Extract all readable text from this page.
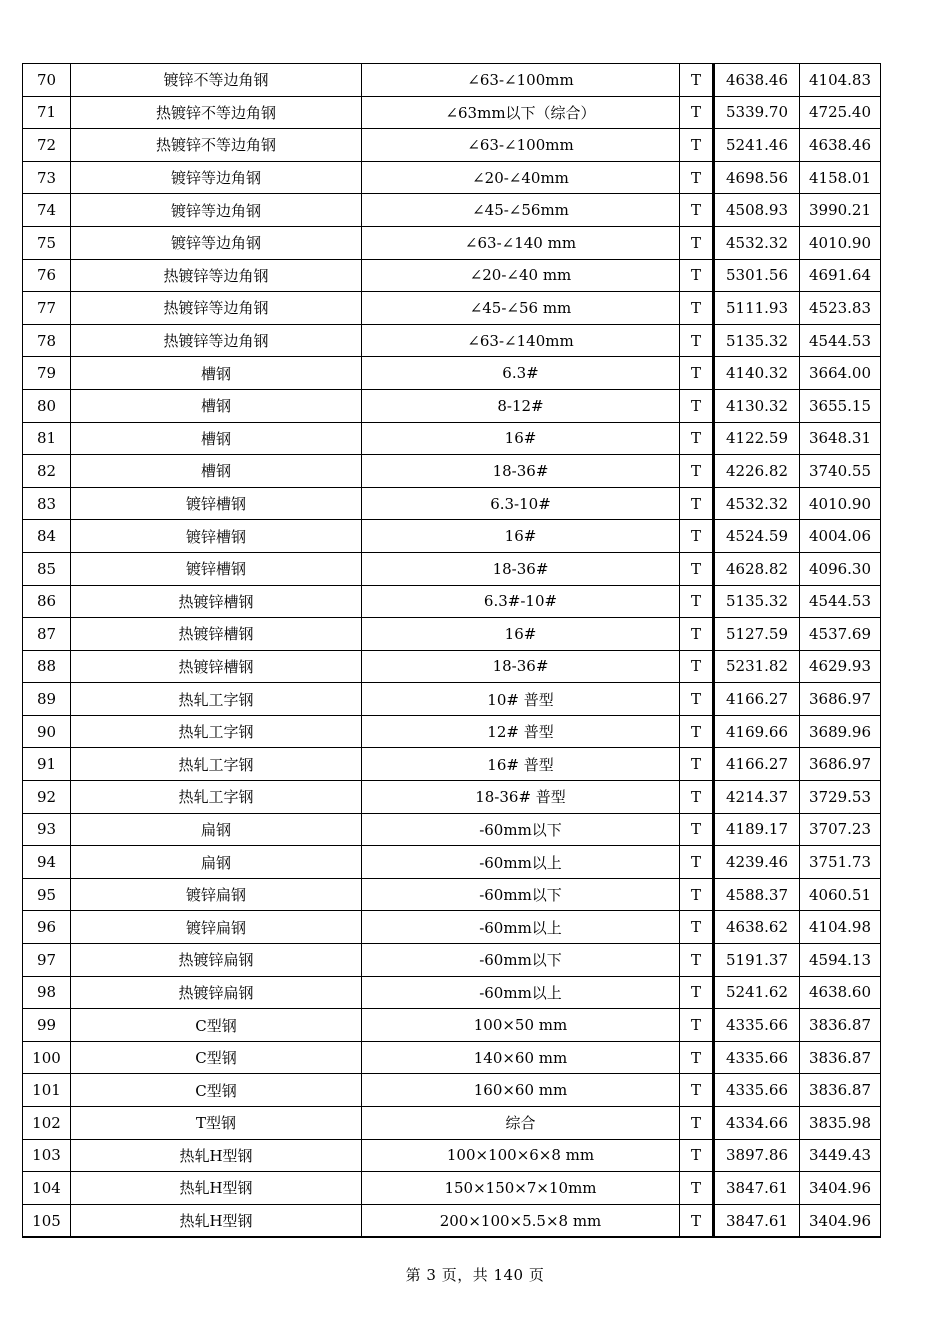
70	镀锌不等边角钢	∠63-∠100mm	T	4638.46	4104.83
71	热镀锌不等边角钢	∠63mm以下（综合）	T	5339.70	4725.40
72	热镀锌不等边角钢	∠63-∠100mm	T	5241.46	4638.46
73	镀锌等边角钢	∠20-∠40mm	T	4698.56	4158.01
74	镀锌等边角钢	∠45-∠56mm	T	4508.93	3990.21
75	镀锌等边角钢	∠63-∠140 mm	T	4532.32	4010.90
76	热镀锌等边角钢	∠20-∠40 mm	T	5301.56	4691.64
77	热镀锌等边角钢	∠45-∠56 mm	T	5111.93	4523.83
78	热镀锌等边角钢	∠63-∠140mm	T	5135.32	4544.53
79	槽钢	6.3#	T	4140.32	3664.00
80	槽钢	8-12#	T	4130.32	3655.15
81	槽钢	16#	T	4122.59	3648.31
82	槽钢	18-36#	T	4226.82	3740.55
83	镀锌槽钢	6.3-10#	T	4532.32	4010.90
84	镀锌槽钢	16#	T	4524.59	4004.06
85	镀锌槽钢	18-36#	T	4628.82	4096.30
86	热镀锌槽钢	6.3#-10#	T	5135.32	4544.53
87	热镀锌槽钢	16#	T	5127.59	4537.69
88	热镀锌槽钢	18-36#	T	5231.82	4629.93
89	热轧工字钢	10# 普型	T	4166.27	3686.97
90	热轧工字钢	12# 普型	T	4169.66	3689.96
91	热轧工字钢	16# 普型	T	4166.27	3686.97
92	热轧工字钢	18-36# 普型	T	4214.37	3729.53
93	扁钢	-60mm以下	T	4189.17	3707.23
94	扁钢	-60mm以上	T	4239.46	3751.73
95	镀锌扁钢	-60mm以下	T	4588.37	4060.51
96	镀锌扁钢	-60mm以上	T	4638.62	4104.98
97	热镀锌扁钢	-60mm以下	T	5191.37	4594.13
98	热镀锌扁钢	-60mm以上	T	5241.62	4638.60
99	C型钢	100×50 mm	T	4335.66	3836.87
100	C型钢	140×60 mm	T	4335.66	3836.87
101	C型钢	160×60 mm	T	4335.66	3836.87
102	T型钢	综合	T	4334.66	3835.98
103	热轧H型钢	100×100×6×8 mm	T	3897.86	3449.43
104	热轧H型钢	150×150×7×10mm	T	3847.61	3404.96
105	热轧H型钢	200×100×5.5×8 mm	T	3847.61	3404.96
第 3 页，共 140 页
